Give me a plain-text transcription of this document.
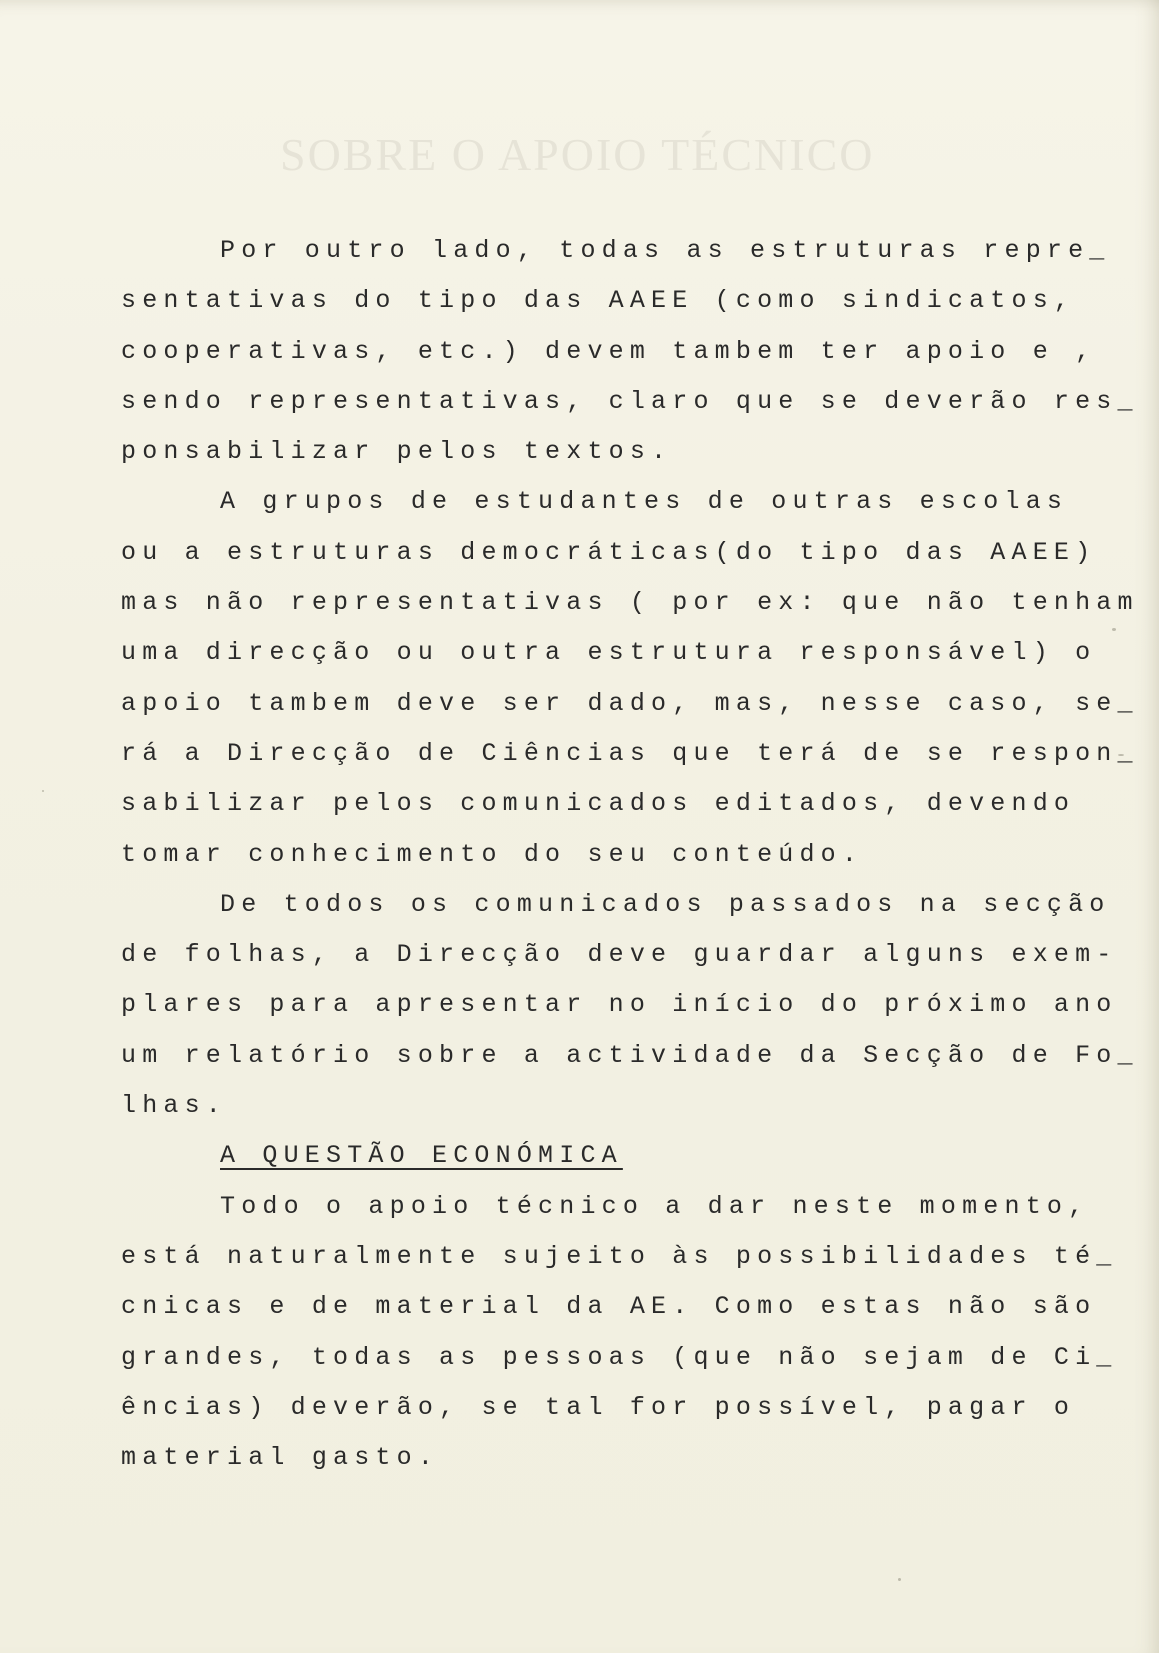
SOBRE O APOIO TÉCNICO
Por outro lado, todas as estruturas repre_
sentativas do tipo das AAEE (como sindicatos,
cooperativas, etc.) devem tambem ter apoio e ,
sendo representativas, claro que se deverão res_
ponsabilizar pelos textos.
A grupos de estudantes de outras escolas
ou a estruturas democráticas(do tipo das AAEE)
mas não representativas ( por ex: que não tenham
uma direcção ou outra estrutura responsável) o
apoio tambem deve ser dado, mas, nesse caso, se_
rá a Direcção de Ciências que terá de se respon_
sabilizar pelos comunicados editados, devendo
tomar conhecimento do seu conteúdo.
De todos os comunicados passados na secção
de folhas, a Direcção deve guardar alguns exem-
plares para apresentar no início do próximo ano
um relatório sobre a actividade da Secção de Fo_
lhas.
A QUESTÃO ECONÓMICA
Todo o apoio técnico a dar neste momento,
está naturalmente sujeito às possibilidades té_
cnicas e de material da AE. Como estas não são
grandes, todas as pessoas (que não sejam de Ci_
ências) deverão, se tal for possível, pagar o
material gasto.
